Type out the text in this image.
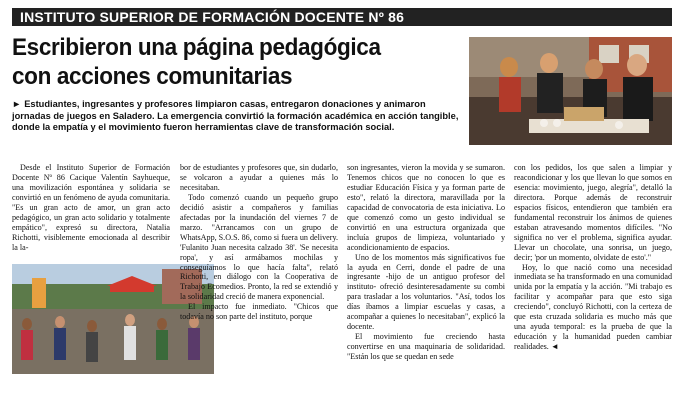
INSTITUTO SUPERIOR DE FORMACIÓN DOCENTE Nº 86
Escribieron una página pedagógica
con acciones comunitarias
► Estudiantes, ingresantes y profesores limpiaron casas, entregaron donaciones y animaron jornadas de juegos en Saladero. La emergencia convirtió la formación académica en acción tangible, donde la empatía y el movimiento fueron herramientas clave de transformación social.

Desde el Instituto Superior de Formación Docente Nº 86 Cacique Valentín Sayhueque, una movilización espontánea y solidaria se convirtió en un fenómeno de ayuda comunitaria. "Es un gran acto de amor, un gran acto pedagógico, un gran acto solidario y totalmente empático", expresó su directora, Natalia Richotti, visiblemente emocionada al describir la la-

bor de estudiantes y profesores que, sin dudarlo, se volcaron a ayudar a quienes más lo necesitaban.

Todo comenzó cuando un pequeño grupo decidió asistir a compañeros y familias afectadas por la inundación del viernes 7 de marzo. "Arrancamos con un grupo de WhatsApp, S.O.S. 86, como si fuera un delivery. 'Fulanito Juan necesita calzado 38'. 'Se necesita ropa', y así armábamos mochilas y conseguíamos lo que hacía falta", relató Richotti, en diálogo con la Cooperativa de Trabajo Ecomedios. Pronto, la red se extendió y la solidaridad creció de manera exponencial.

El impacto fue inmediato. "Chicos que todavía no son parte del instituto, porque

son ingresantes, vieron la movida y se sumaron. Tenemos chicos que no conocen lo que es estudiar Educación Física y ya forman parte de esto", relató la directora, maravillada por la capacidad de convocatoria de esta iniciativa. Lo que comenzó como un gesto individual se convirtió en una estructura organizada que incluía grupos de limpieza, voluntariado y acondicionamiento de espacios.

Uno de los momentos más significativos fue la ayuda en Cerri, donde el padre de una ingresante -hijo de un antiguo profesor del instituto- ofreció desinteresadamente su combi para trasladar a los voluntarios. "Así, todos los días íbamos a limpiar escuelas y casas, a acompañar a quienes lo necesitaban", explicó la docente.

El movimiento fue creciendo hasta convertirse en una maquinaria de solidaridad. "Están los que se quedan en sede

con los pedidos, los que salen a limpiar y reacondicionar y los que llevan lo que somos en esencia: movimiento, juego, alegría", detalló la directora. Porque además de reconstruir espacios físicos, entendieron que también era fundamental reconstruir los ánimos de quienes estaban atravesando momentos difíciles. "No significa no ver el problema, significa ayudar. Llevar un chocolate, una sonrisa, un juego, decir; 'por un momento, olvidate de esto'."

Hoy, lo que nació como una necesidad inmediata se ha transformado en una comunidad unida por la empatía y la acción. "Mi trabajo es facilitar y acompañar para que esto siga creciendo", concluyó Richotti, con la certeza de que esta cruzada solidaria es mucho más que una ayuda temporal: es la prueba de que la educación y la humanidad pueden cambiar realidades. ◄
